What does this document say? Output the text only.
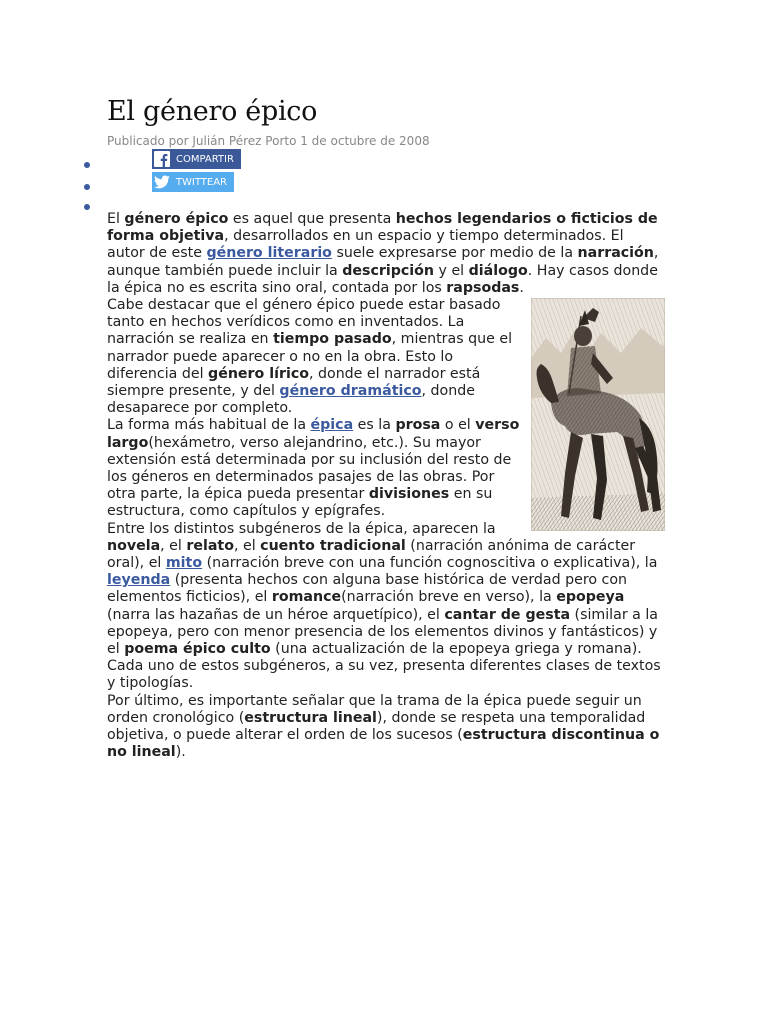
El género épico
Publicado por Julián Pérez Porto 1 de octubre de 2008
COMPARTIR
TWITTEAR

El género épico es aquel que presenta hechos legendarios o ficticios de forma objetiva, desarrollados en un espacio y tiempo determinados. El autor de este género literario suele expresarse por medio de la narración, aunque también puede incluir la descripción y el diálogo. Hay casos donde la épica no es escrita sino oral, contada por los rapsodas.

Cabe destacar que el género épico puede estar basado tanto en hechos verídicos como en inventados. La narración se realiza en tiempo pasado, mientras que el narrador puede aparecer o no en la obra. Esto lo diferencia del género lírico, donde el narrador está siempre presente, y del género dramático, donde desaparece por completo.

La forma más habitual de la épica es la prosa o el verso largo(hexámetro, verso alejandrino, etc.). Su mayor extensión está determinada por su inclusión del resto de los géneros en determinados pasajes de las obras. Por otra parte, la épica pueda presentar divisiones en su estructura, como capítulos y epígrafes.

Entre los distintos subgéneros de la épica, aparecen la novela, el relato, el cuento tradicional (narración anónima de carácter oral), el mito (narración breve con una función cognoscitiva o explicativa), la leyenda (presenta hechos con alguna base histórica de verdad pero con elementos ficticios), el romance(narración breve en verso), la epopeya (narra las hazañas de un héroe arquetípico), el cantar de gesta (similar a la epopeya, pero con menor presencia de los elementos divinos y fantásticos) y el poema épico culto (una actualización de la epopeya griega y romana). Cada uno de estos subgéneros, a su vez, presenta diferentes clases de textos y tipologías.

Por último, es importante señalar que la trama de la épica puede seguir un orden cronológico (estructura lineal), donde se respeta una temporalidad objetiva, o puede alterar el orden de los sucesos (estructura discontinua o no lineal).
